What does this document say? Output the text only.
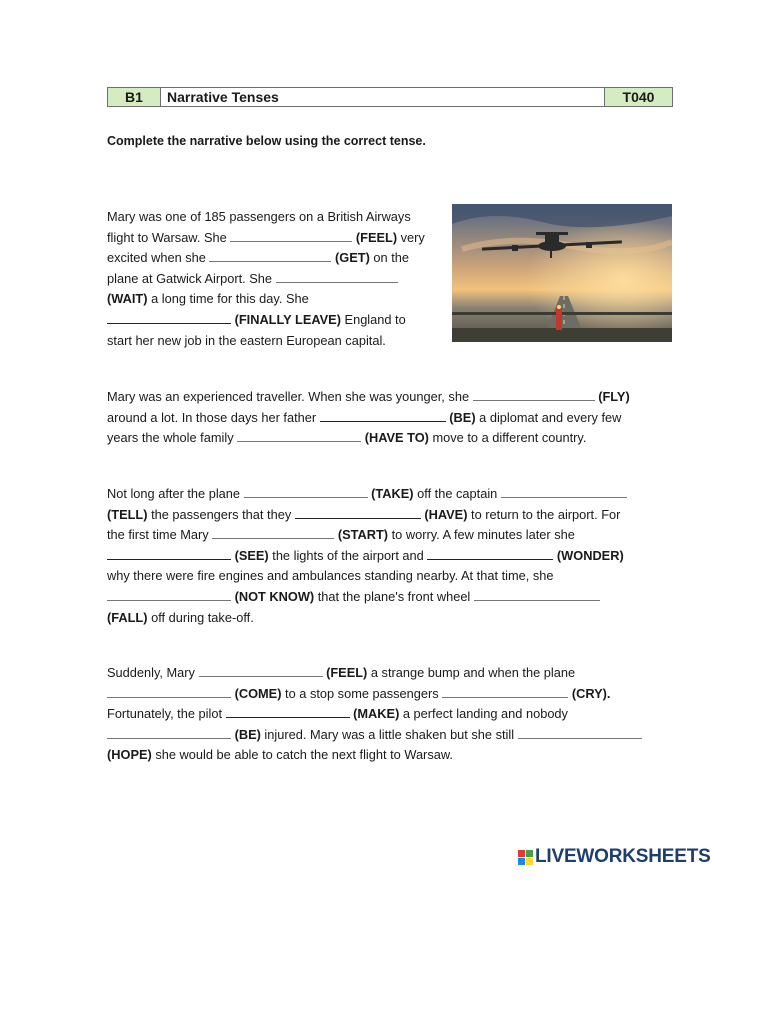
B1	Narrative Tenses	T040
Complete the narrative below using the correct tense.
Mary was one of 185 passengers on a British Airways
flight to Warsaw. She	(FEEL) very
excited when she	(GET) on the
plane at Gatwick Airport. She
(WAIT) a long time for this day. She
(FINALLY LEAVE) England to
start her new job in the eastern European capital.
Mary was an experienced traveller. When she was younger, she	(FLY)
around a lot. In those days her father	(BE) a diplomat and every few
years the whole family	(HAVE TO) move to a different country.
Not long after the plane	(TAKE) off the captain
(TELL) the passengers that they	(HAVE) to return to the airport. For
the first time Mary	(START) to worry. A few minutes later she
(SEE) the lights of the airport and	(WONDER)
why there were fire engines and ambulances standing nearby. At that time, she
(NOT KNOW) that the plane's front wheel
(FALL) off during take-off.
Suddenly, Mary	(FEEL) a strange bump and when the plane
(COME) to a stop some passengers	(CRY).
Fortunately, the pilot	(MAKE) a perfect landing and nobody
(BE) injured. Mary was a little shaken but she still
(HOPE) she would be able to catch the next flight to Warsaw.
LIVEWORKSHEETS
